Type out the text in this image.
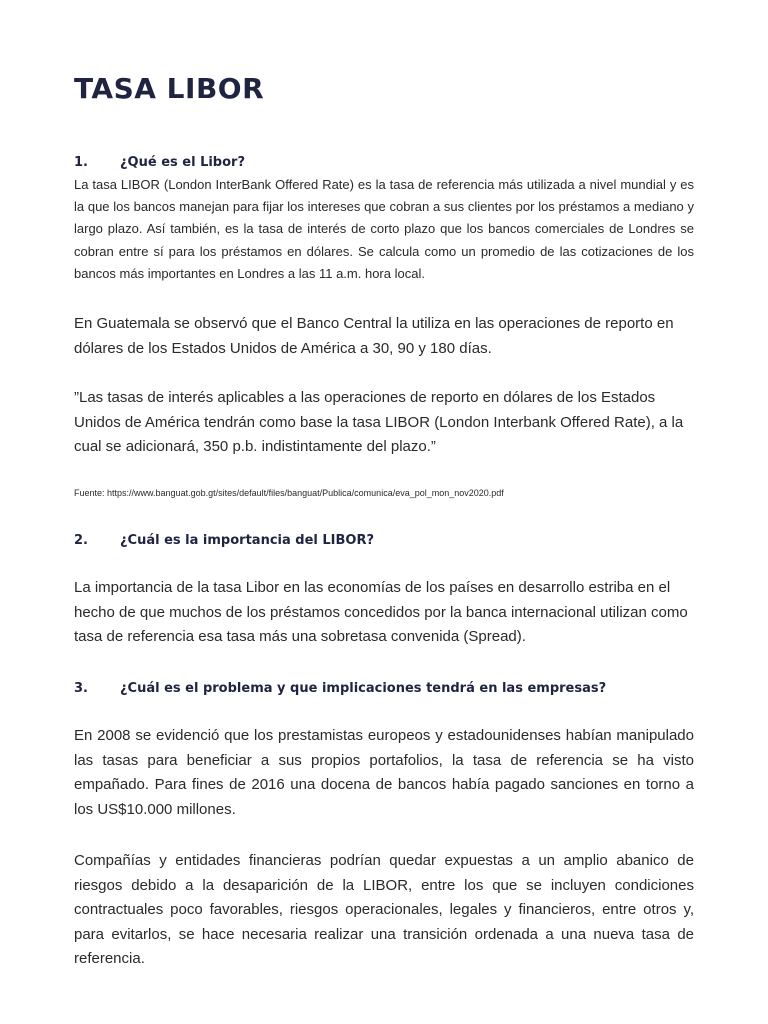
TASA LIBOR
1. ¿Qué es el Libor?

La tasa LIBOR (London InterBank Offered Rate) es la tasa de referencia más utilizada a nivel mundial y es la que los bancos manejan para fijar los intereses que cobran a sus clientes por los préstamos a mediano y largo plazo. Así también, es la tasa de interés de corto plazo que los bancos comerciales de Londres se cobran entre sí para los préstamos en dólares. Se calcula como un promedio de las cotizaciones de los bancos más importantes en Londres a las 11 a.m. hora local.

En Guatemala se observó que el Banco Central la utiliza en las operaciones de reporto en dólares de los Estados Unidos de América a 30, 90 y 180 días.

”Las tasas de interés aplicables a las operaciones de reporto en dólares de los Estados Unidos de América tendrán como base la tasa LIBOR (London Interbank Offered Rate), a la cual se adicionará, 350 p.b. indistintamente del plazo.”

Fuente: https://www.banguat.gob.gt/sites/default/files/banguat/Publica/comunica/eva_pol_mon_nov2020.pdf

2. ¿Cuál es la importancia del LIBOR?

La importancia de la tasa Libor en las economías de los países en desarrollo estriba en el hecho de que muchos de los préstamos concedidos por la banca internacional utilizan como tasa de referencia esa tasa más una sobretasa convenida (Spread).

3. ¿Cuál es el problema y que implicaciones tendrá en las empresas?

En 2008 se evidenció que los prestamistas europeos y estadounidenses habían manipulado las tasas para beneficiar a sus propios portafolios, la tasa de referencia se ha visto empañado. Para fines de 2016 una docena de bancos había pagado sanciones en torno a los US$10.000 millones.

Compañías y entidades financieras podrían quedar expuestas a un amplio abanico de riesgos debido a la desaparición de la LIBOR, entre los que se incluyen condiciones contractuales poco favorables, riesgos operacionales, legales y financieros, entre otros y, para evitarlos, se hace necesaria realizar una transición ordenada a una nueva tasa de referencia.
